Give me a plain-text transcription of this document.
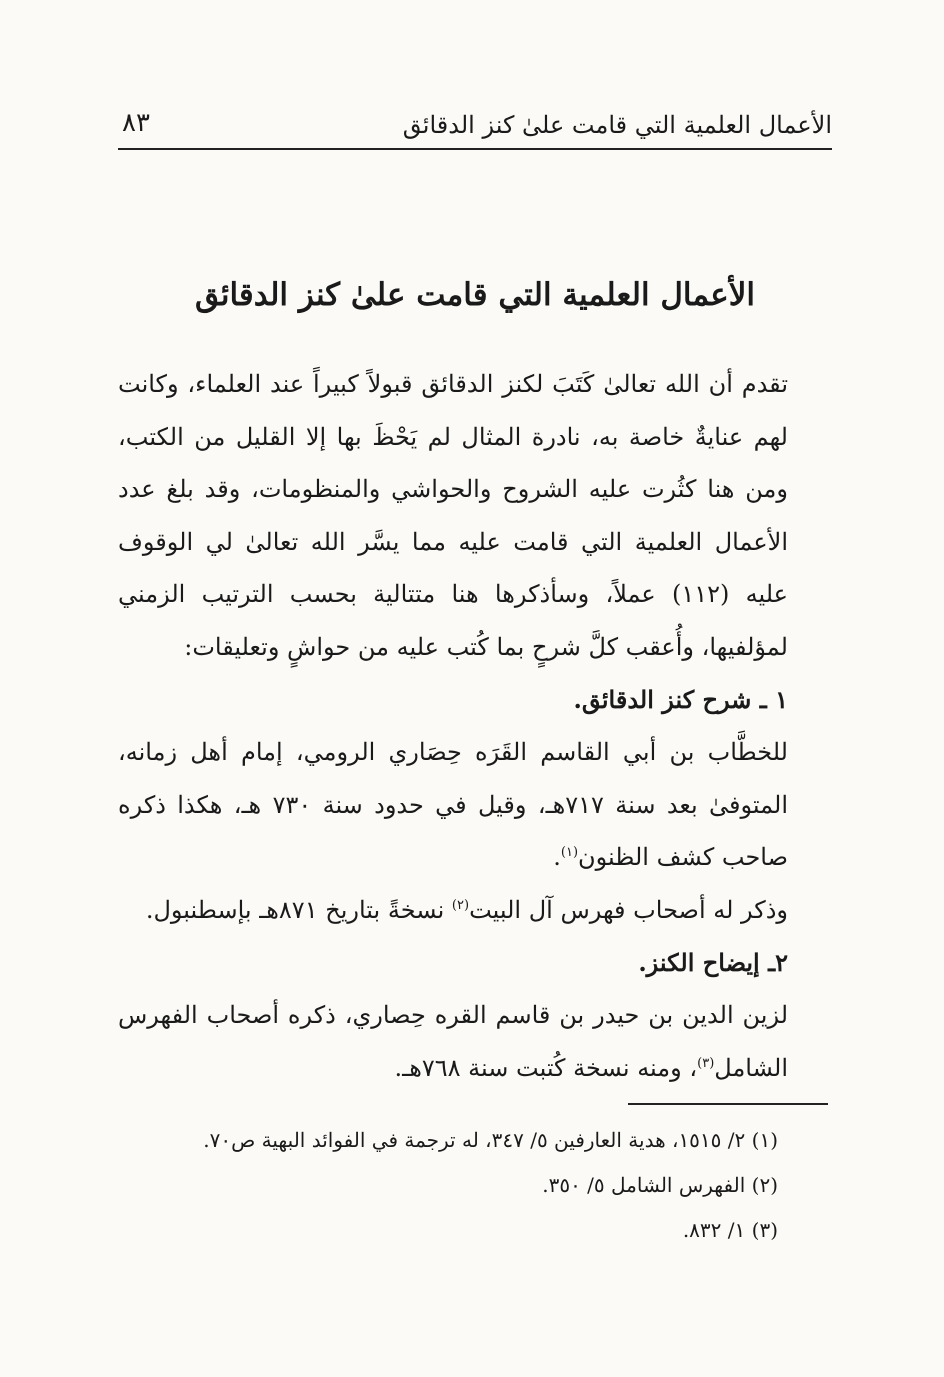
الأعمال العلمية التي قامت علىٰ كنز الدقائق
٨٣
الأعمال العلمية التي قامت علىٰ كنز الدقائق

تقدم أن الله تعالىٰ كَتَبَ لكنز الدقائق قبولاً كبيراً عند العلماء، وكانت لهم عنايةٌ خاصة به، نادرة المثال لم يَحْظَ بها إلا القليل من الكتب، ومن هنا كثُرت عليه الشروح والحواشي والمنظومات، وقد بلغ عدد الأعمال العلمية التي قامت عليه مما يسَّر الله تعالىٰ لي الوقوف عليه (١١٢) عملاً، وسأذكرها هنا متتالية بحسب الترتيب الزمني لمؤلفيها، وأُعقب كلَّ شرحٍ بما كُتب عليه من حواشٍ وتعليقات:

١ ـ شرح كنز الدقائق.

للخطَّاب بن أبي القاسم القَرَه حِصَاري الرومي، إمام أهل زمانه، المتوفىٰ بعد سنة ٧١٧هـ، وقيل في حدود سنة ٧٣٠ هـ، هكذا ذكره صاحب كشف الظنون$^{(١)}$.

وذكر له أصحاب فهرس آل البيت$^{(٢)}$ نسخةً بتاريخ ٨٧١هـ بإسطنبول.

٢ـ إيضاح الكنز.

لزين الدين بن حيدر بن قاسم القره حِصاري، ذكره أصحاب الفهرس الشامل$^{(٣)}$، ومنه نسخة كُتبت سنة ٧٦٨هـ.

(١) ٢/ ١٥١٥، هدية العارفين ٥/ ٣٤٧، له ترجمة في الفوائد البهية ص٧٠.
(٢) الفهرس الشامل ٥/ ٣٥٠.
(٣) ١/ ٨٣٢.
